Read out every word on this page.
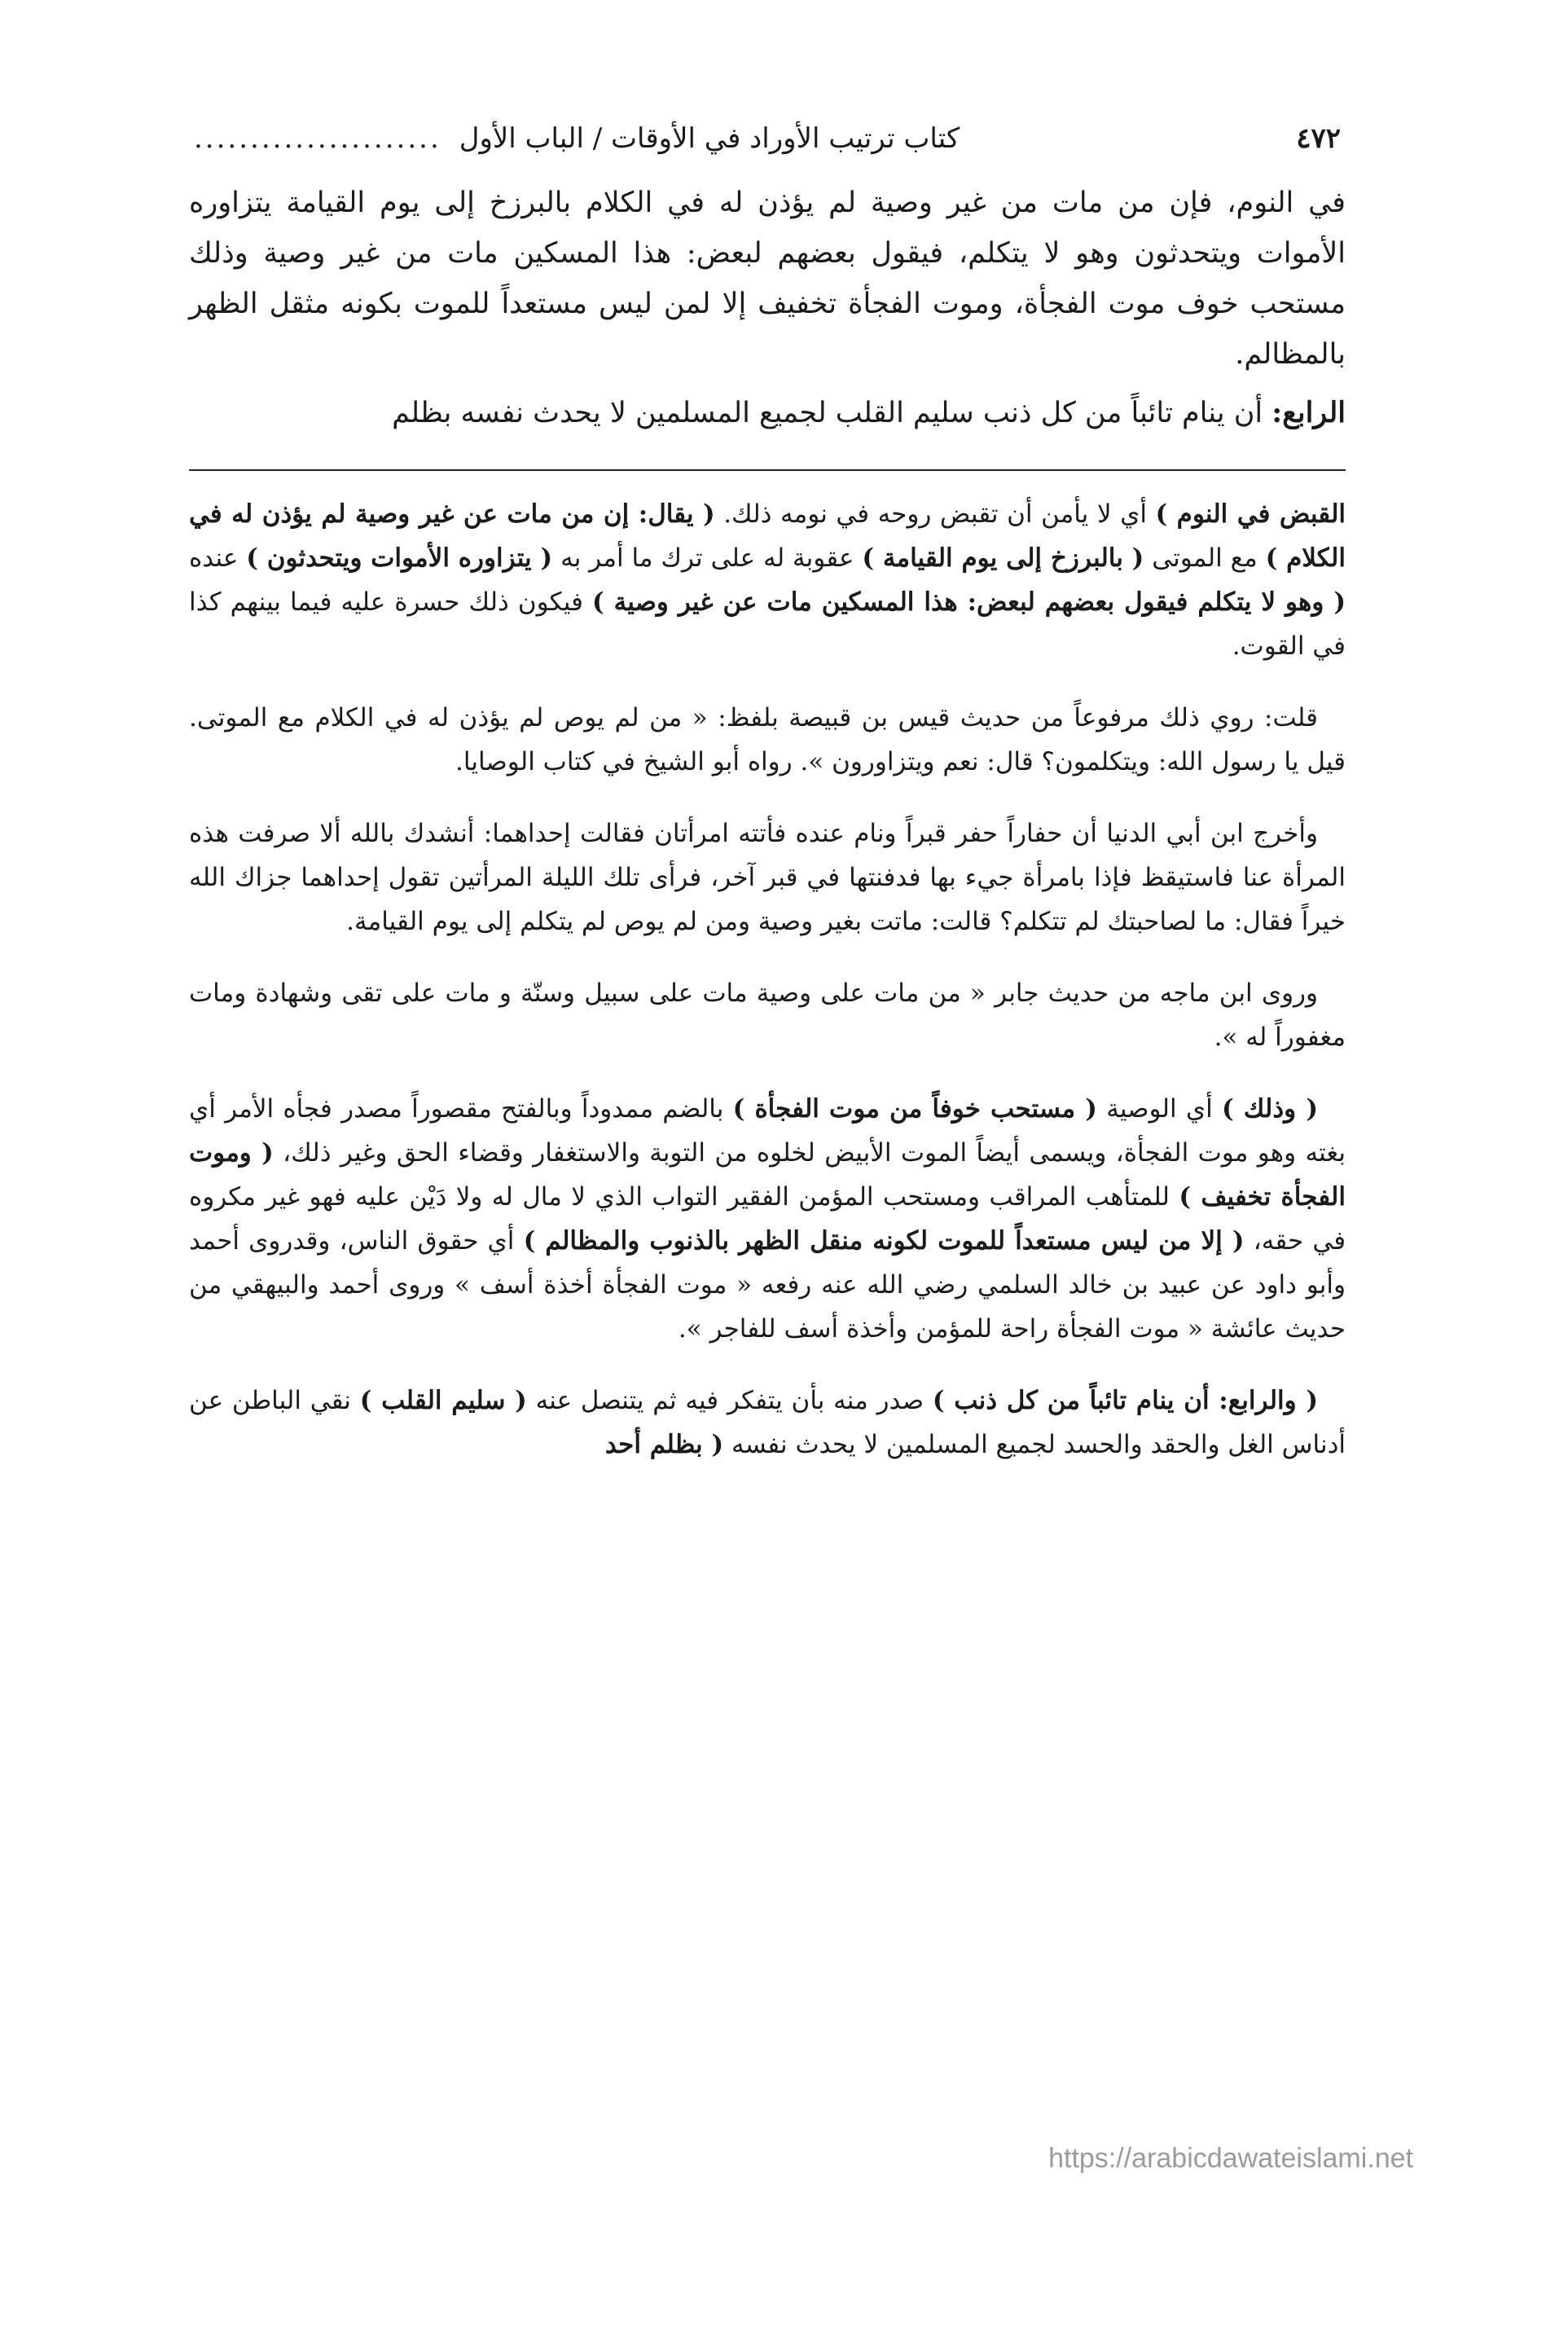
٤٧٢
كتاب ترتيب الأوراد في الأوقات / الباب الأول
......................

في النوم، فإن من مات من غير وصية لم يؤذن له في الكلام بالبرزخ إلى يوم القيامة يتزاوره الأموات ويتحدثون وهو لا يتكلم، فيقول بعضهم لبعض: هذا المسكين مات من غير وصية وذلك مستحب خوف موت الفجأة، وموت الفجأة تخفيف إلا لمن ليس مستعداً للموت بكونه مثقل الظهر بالمظالم.

الرابع: أن ينام تائباً من كل ذنب سليم القلب لجميع المسلمين لا يحدث نفسه بظلم

القبض في النوم ) أي لا يأمن أن تقبض روحه في نومه ذلك. ( يقال: إن من مات عن غير وصية لم يؤذن له في الكلام ) مع الموتى ( بالبرزخ إلى يوم القيامة ) عقوبة له على ترك ما أمر به ( يتزاوره الأموات ويتحدثون ) عنده ( وهو لا يتكلم فيقول بعضهم لبعض: هذا المسكين مات عن غير وصية ) فيكون ذلك حسرة عليه فيما بينهم كذا في القوت.

قلت: روي ذلك مرفوعاً من حديث قيس بن قبيصة بلفظ: « من لم يوص لم يؤذن له في الكلام مع الموتى. قيل يا رسول الله: ويتكلمون؟ قال: نعم ويتزاورون ». رواه أبو الشيخ في كتاب الوصايا.

وأخرج ابن أبي الدنيا أن حفاراً حفر قبراً ونام عنده فأتته امرأتان فقالت إحداهما: أنشدك بالله ألا صرفت هذه المرأة عنا فاستيقظ فإذا بامرأة جيء بها فدفنتها في قبر آخر، فرأى تلك الليلة المرأتين تقول إحداهما جزاك الله خيراً فقال: ما لصاحبتك لم تتكلم؟ قالت: ماتت بغير وصية ومن لم يوص لم يتكلم إلى يوم القيامة.

وروى ابن ماجه من حديث جابر « من مات على وصية مات على سبيل وسنّة و مات على تقى وشهادة ومات مغفوراً له ».

( وذلك ) أي الوصية ( مستحب خوفاً من موت الفجأة ) بالضم ممدوداً وبالفتح مقصوراً مصدر فجأه الأمر أي بغته وهو موت الفجأة، ويسمى أيضاً الموت الأبيض لخلوه من التوبة والاستغفار وقضاء الحق وغير ذلك، ( وموت الفجأة تخفيف ) للمتأهب المراقب ومستحب المؤمن الفقير التواب الذي لا مال له ولا دَيْن عليه فهو غير مكروه في حقه، ( إلا من ليس مستعداً للموت لكونه منقل الظهر بالذنوب والمظالم ) أي حقوق الناس، وقدروى أحمد وأبو داود عن عبيد بن خالد السلمي رضي الله عنه رفعه « موت الفجأة أخذة أسف » وروى أحمد والبيهقي من حديث عائشة « موت الفجأة راحة للمؤمن وأخذة أسف للفاجر ».

( والرابع: أن ينام تائباً من كل ذنب ) صدر منه بأن يتفكر فيه ثم يتنصل عنه ( سليم القلب ) نقي الباطن عن أدناس الغل والحقد والحسد لجميع المسلمين لا يحدث نفسه ( بظلم أحد

https://arabicdawateislami.net
